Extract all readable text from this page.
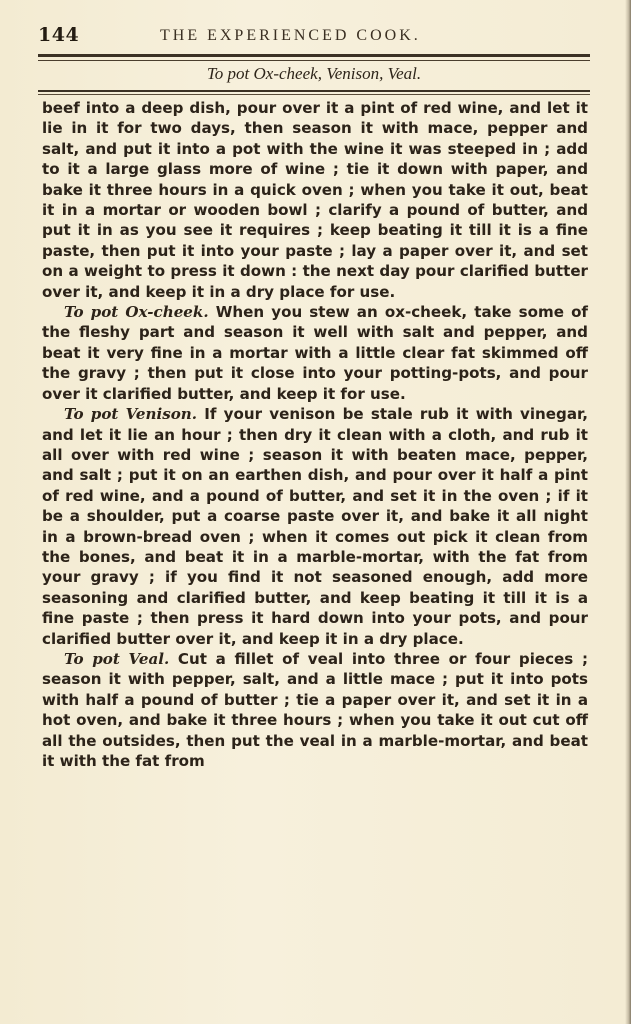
144	THE EXPERIENCED COOK.
To pot Ox-cheek, Venison, Veal.

beef into a deep dish, pour over it a pint of red wine, and let it lie in it for two days, then season it with mace, pepper and salt, and put it into a pot with the wine it was steeped in ; add to it a large glass more of wine ; tie it down with paper, and bake it three hours in a quick oven ; when you take it out, beat it in a mortar or wooden bowl ; clarify a pound of butter, and put it in as you see it requires ; keep beating it till it is a fine paste, then put it into your paste ; lay a paper over it, and set on a weight to press it down : the next day pour clarified butter over it, and keep it in a dry place for use.

To pot Ox-cheek. When you stew an ox-cheek, take some of the fleshy part and season it well with salt and pepper, and beat it very fine in a mortar with a little clear fat skimmed off the gravy ; then put it close into your potting-pots, and pour over it clarified butter, and keep it for use.

To pot Venison. If your venison be stale rub it with vinegar, and let it lie an hour ; then dry it clean with a cloth, and rub it all over with red wine ; season it with beaten mace, pepper, and salt ; put it on an earthen dish, and pour over it half a pint of red wine, and a pound of butter, and set it in the oven ; if it be a shoulder, put a coarse paste over it, and bake it all night in a brown-bread oven ; when it comes out pick it clean from the bones, and beat it in a marble-mortar, with the fat from your gravy ; if you find it not seasoned enough, add more seasoning and clarified butter, and keep beating it till it is a fine paste ; then press it hard down into your pots, and pour clarified butter over it, and keep it in a dry place.

To pot Veal. Cut a fillet of veal into three or four pieces ; season it with pepper, salt, and a little mace ; put it into pots with half a pound of butter ; tie a paper over it, and set it in a hot oven, and bake it three hours ; when you take it out cut off all the outsides, then put the veal in a marble-mortar, and beat it with the fat from
